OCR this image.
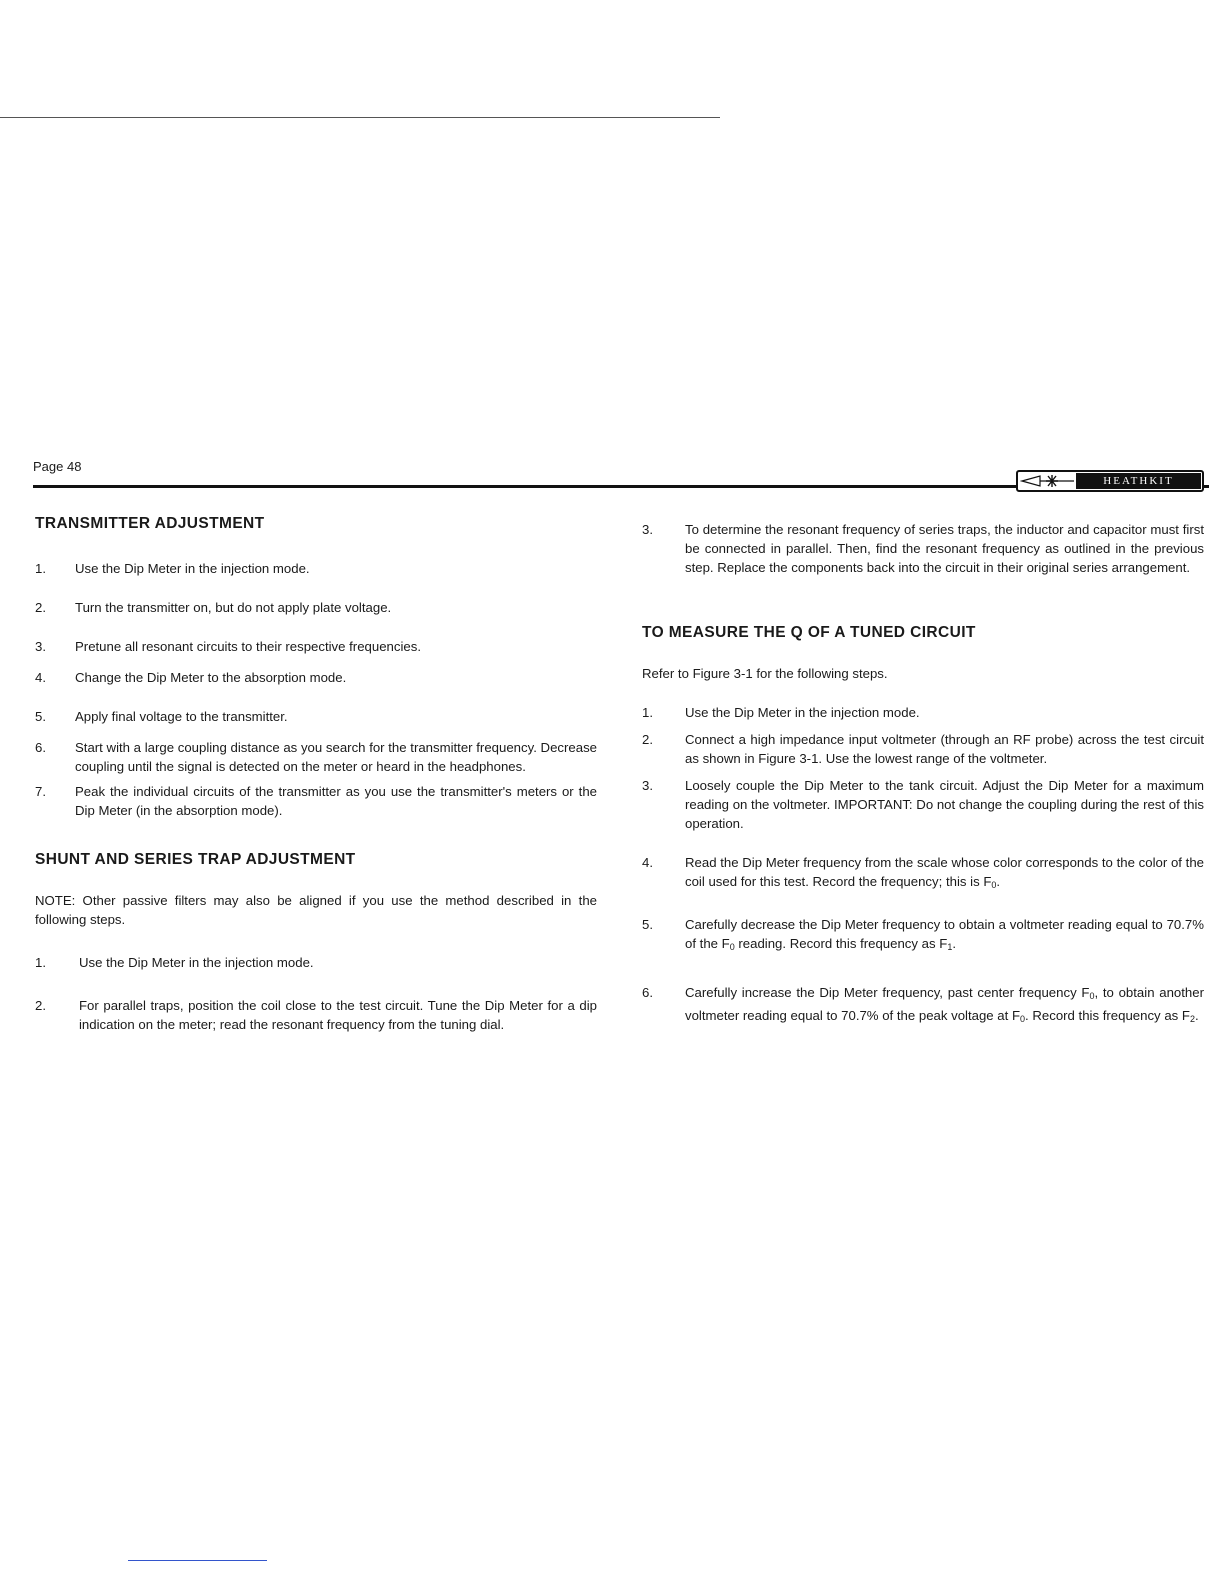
Page 48
HEATHKIT
TRANSMITTER ADJUSTMENT
1.	Use the Dip Meter in the injection mode.
2.	Turn the transmitter on, but do not apply plate voltage.
3.	Pretune all resonant circuits to their respective frequencies.
4.	Change the Dip Meter to the absorption mode.
5.	Apply final voltage to the transmitter.
6.	Start with a large coupling distance as you search for the transmitter frequency. Decrease coupling until the signal is detected on the meter or heard in the headphones.
7.	Peak the individual circuits of the transmitter as you use the transmitter's meters or the Dip Meter (in the absorption mode).
SHUNT AND SERIES TRAP ADJUSTMENT

NOTE: Other passive filters may also be aligned if you use the method described in the following steps.

1.	Use the Dip Meter in the injection mode.
2.	For parallel traps, position the coil close to the test circuit. Tune the Dip Meter for a dip indication on the meter; read the resonant frequency from the tuning dial.
3.	To determine the resonant frequency of series traps, the inductor and capacitor must first be connected in parallel. Then, find the resonant frequency as outlined in the previous step. Replace the components back into the circuit in their original series arrangement.
TO MEASURE THE Q OF A TUNED CIRCUIT

Refer to Figure 3-1 for the following steps.

1.	Use the Dip Meter in the injection mode.
2.	Connect a high impedance input voltmeter (through an RF probe) across the test circuit as shown in Figure 3-1. Use the lowest range of the voltmeter.
3.	Loosely couple the Dip Meter to the tank circuit. Adjust the Dip Meter for a maximum reading on the voltmeter. IMPORTANT: Do not change the coupling during the rest of this operation.
4.	Read the Dip Meter frequency from the scale whose color corresponds to the color of the coil used for this test. Record the frequency; this is $F_0$.
5.	Carefully decrease the Dip Meter frequency to obtain a voltmeter reading equal to 70.7% of the $F_0$ reading. Record this frequency as $F_1$.
6.	Carefully increase the Dip Meter frequency, past center frequency $F_0$, to obtain another voltmeter reading equal to 70.7% of the peak voltage at $F_0$. Record this frequency as $F_2$.
